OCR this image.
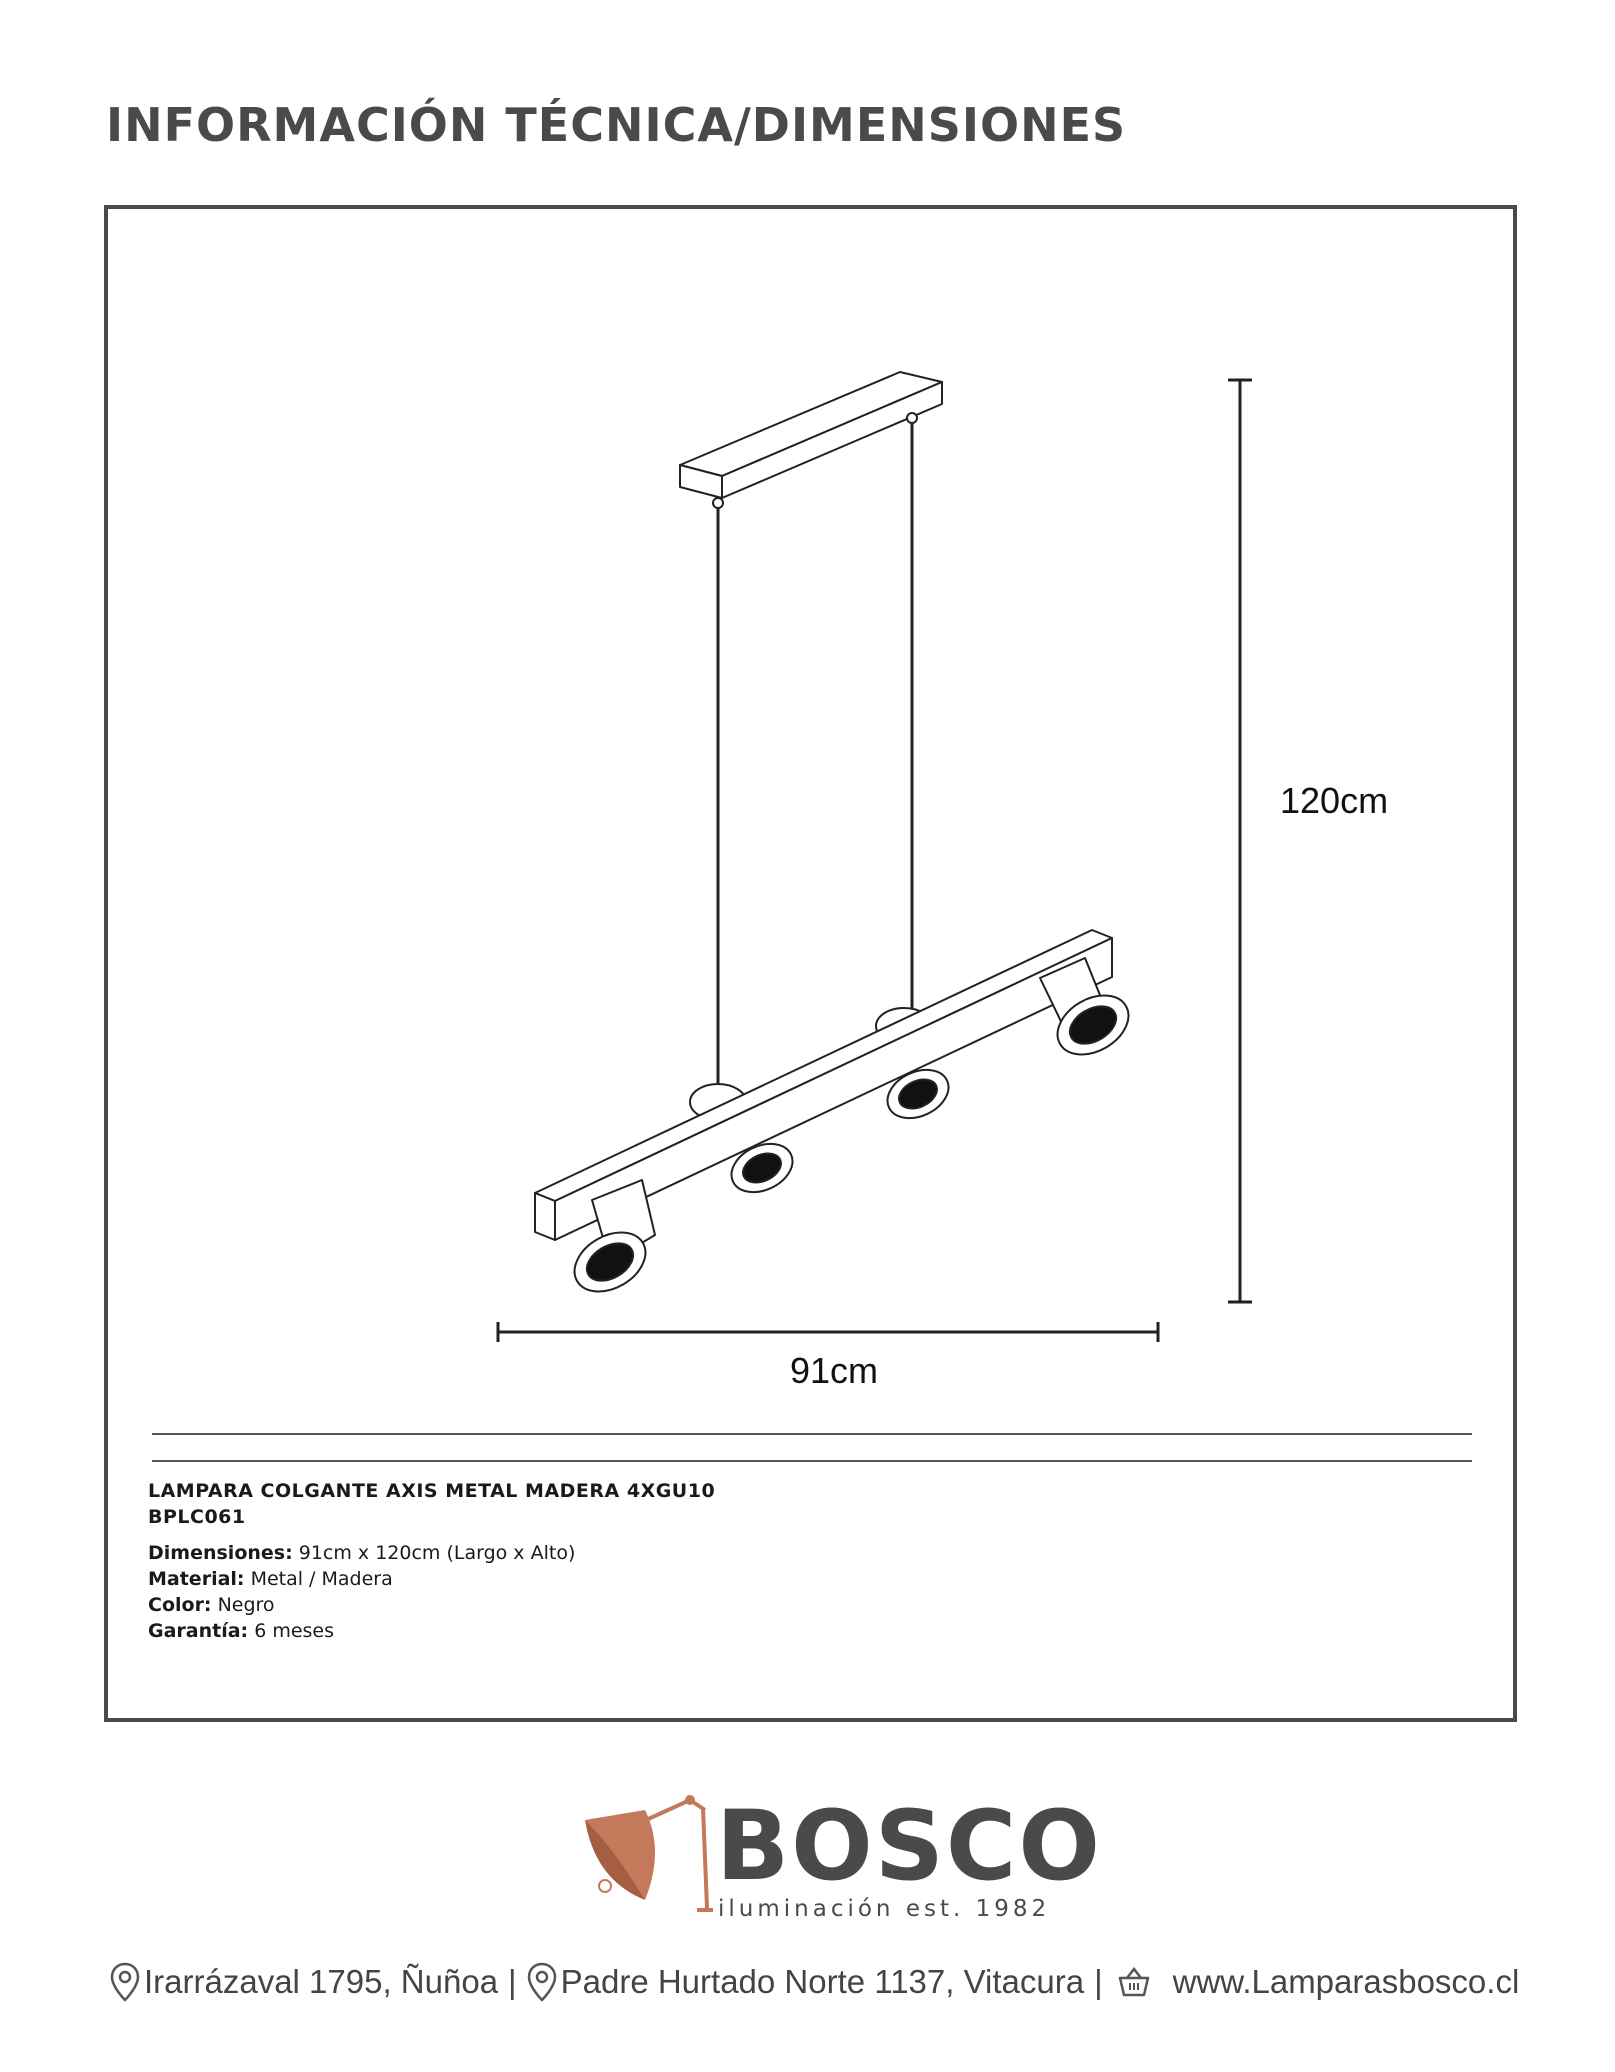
INFORMACIÓN TÉCNICA/DIMENSIONES
120cm
91cm
LAMPARA COLGANTE AXIS METAL MADERA 4XGU10
BPLC061
Dimensiones: 91cm x 120cm (Largo x Alto)
Material: Metal / Madera
Color: Negro
Garantía: 6 meses
BOSCO
iluminación est. 1982
Irarrázaval 1795, Ñuñoa | Padre Hurtado Norte 1137, Vitacura | www.Lamparasbosco.cl
